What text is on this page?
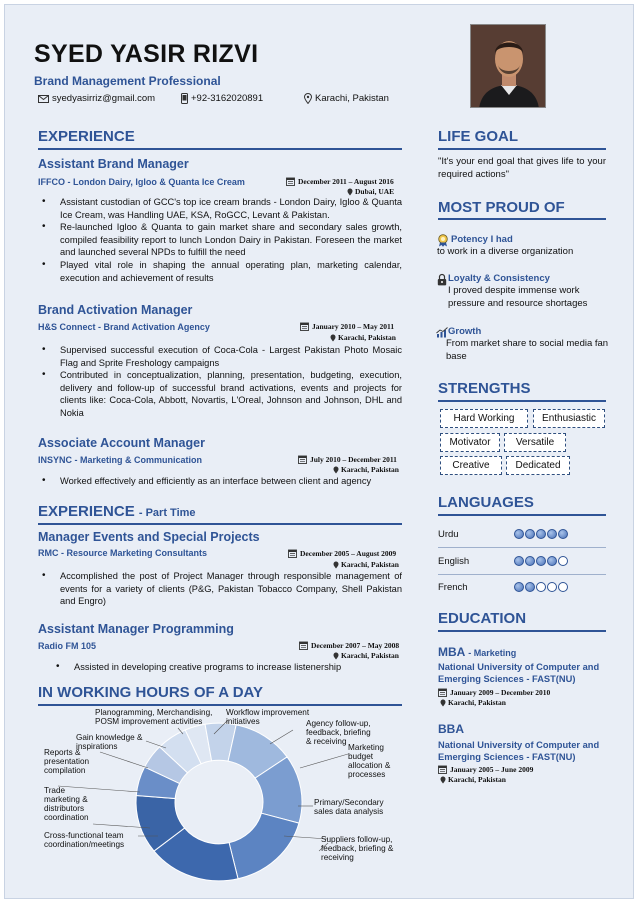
SYED YASIR RIZVI
Brand Management Professional
syedyasirriz@gmail.com	+92-3162020891	Karachi, Pakistan
EXPERIENCE
Assistant Brand Manager
IFFCO - London Dairy, Igloo & Quanta Ice Cream	December 2011 – August 2016
Dubai, UAE
• Assistant custodian of GCC's top ice cream brands - London Dairy, Igloo & Quanta Ice Cream, was Handling UAE, KSA, RoGCC, Levant & Pakistan.
• Re-launched Igloo & Quanta to gain market share and secondary sales growth, compiled feasibility report to lunch London Dairy in Pakistan. Foreseen the market and launched several NPDs to fulfill the need
• Played vital role in shaping the annual operating plan, marketing calendar, execution and achievement of results
Brand Activation Manager
H&S Connect - Brand Activation Agency	January 2010 – May 2011
Karachi, Pakistan
• Supervised successful execution of Coca-Cola - Largest Pakistan Photo Mosaic Flag and Sprite Freshology campaigns
• Contributed in conceptualization, planning, presentation, budgeting, execution, delivery and follow-up of successful brand activations, events and projects for clients like: Coca-Cola, Abbott, Novartis, L'Oreal, Johnson and Johnson, DHL and Nokia
Associate Account Manager
INSYNC - Marketing & Communication	July 2010 – December 2011
Karachi, Pakistan
• Worked effectively and efficiently as an interface between client and agency
EXPERIENCE - Part Time
Manager Events and Special Projects
RMC - Resource Marketing Consultants	December 2005 – August 2009
Karachi, Pakistan
• Accomplished the post of Project Manager through responsible management of events for a variety of clients (P&G, Pakistan Tobacco Company, Shell Pakistan and Engro)
Assistant Manager Programming
Radio FM 105	December 2007 – May 2008
Karachi, Pakistan
• Assisted in developing creative programs to increase listenership
IN WORKING HOURS OF A DAY
Planogramming, Merchandising, POSM improvement activities
Workflow improvement initiatives	Agency follow-up, feedback, briefing & receiving
Gain knowledge & inspirations	Marketing budget allocation & processes
Reports & presentation compilation
Trade marketing & distributors coordination
Primary/Secondary sales data analysis
Cross-functional team coordination/meetings
Suppliers follow-up, feedback, briefing & receiving
LIFE GOAL
"It's your end goal that gives life to your required actions"
MOST PROUD OF
Potency I had
to work in a diverse organization
Loyalty & Consistency
I proved despite immense work pressure and resource shortages
Growth
From market share to social media fan base
STRENGTHS
Hard Working	Enthusiastic
Motivator	Versatile
Creative	Dedicated
LANGUAGES
Urdu
English
French
EDUCATION
MBA - Marketing
National University of Computer and Emerging Sciences - FAST(NU)
January 2009 – December 2010
Karachi, Pakistan
BBA
National University of Computer and Emerging Sciences - FAST(NU)
January 2005 – June 2009
Karachi, Pakistan
